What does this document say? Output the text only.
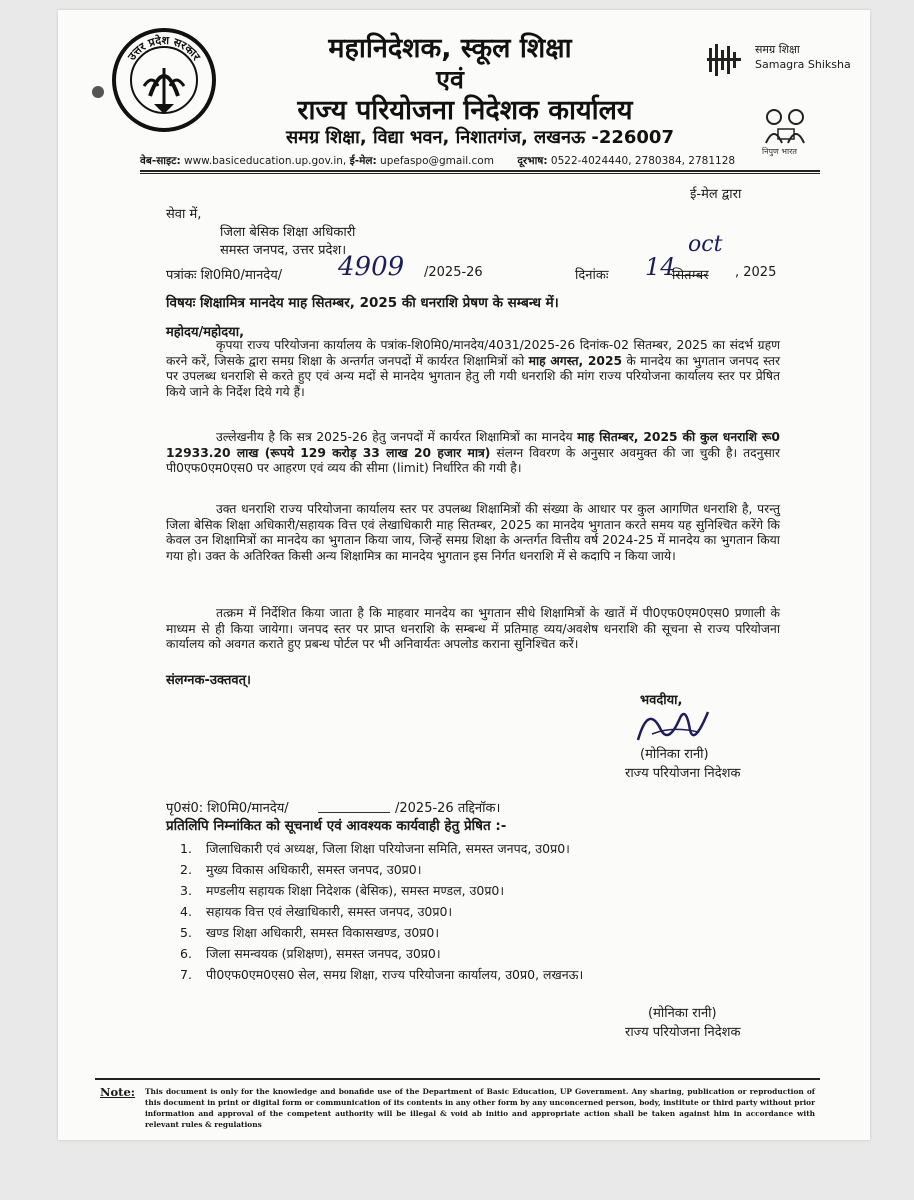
उत्तर प्रदेश सरकार	महानिदेशक, स्कूल शिक्षा
एवं
राज्य परियोजना निदेशक कार्यालय
समग्र शिक्षा, विद्या भवन, निशातगंज, लखनऊ -226007
समग्र शिक्षा
Samagra Shiksha
निपुण भारत
वेब-साइट: www.basiceducation.up.gov.in, ई-मेल: upefaspo@gmail.com दूरभाष: 0522-4024440, 2780384, 2781128
ई-मेल द्वारा
सेवा में,
जिला बेसिक शिक्षा अधिकारी
समस्त जनपद, उत्तर प्रदेश।
पत्रांकः शि0मि0/मानदेय/ 4909 /2025-26	दिनांकः 14
सितम्बर
oct
, 2025
विषयः शिक्षामित्र मानदेय माह सितम्बर, 2025 की धनराशि प्रेषण के सम्बन्ध में।
महोदय/महोदया,
कृपया राज्य परियोजना कार्यालय के पत्रांक-शि0मि0/मानदेय/4031/2025-26 दिनांक-02 सितम्बर, 2025 का संदर्भ ग्रहण करने करें, जिसके द्वारा समग्र शिक्षा के अन्तर्गत जनपदों में कार्यरत शिक्षामित्रों को माह अगस्त, 2025 के मानदेय का भुगतान जनपद स्तर पर उपलब्ध धनराशि से करते हुए एवं अन्य मदों से मानदेय भुगतान हेतु ली गयी धनराशि की मांग राज्य परियोजना कार्यालय स्तर पर प्रेषित किये जाने के निर्देश दिये गये हैं।
उल्लेखनीय है कि सत्र 2025-26 हेतु जनपदों में कार्यरत शिक्षामित्रों का मानदेय माह सितम्बर, 2025 की कुल धनराशि रू0 12933.20 लाख (रूपये 129 करोड़ 33 लाख 20 हजार मात्र) संलग्न विवरण के अनुसार अवमुक्त की जा चुकी है। तदनुसार पी0एफ0एम0एस0 पर आहरण एवं व्यय की सीमा (limit) निर्धारित की गयी है।
उक्त धनराशि राज्य परियोजना कार्यालय स्तर पर उपलब्ध शिक्षामित्रों की संख्या के आधार पर कुल आगणित धनराशि है, परन्तु जिला बेसिक शिक्षा अधिकारी/सहायक वित्त एवं लेखाधिकारी माह सितम्बर, 2025 का मानदेय भुगतान करते समय यह सुनिश्चित करेंगे कि केवल उन शिक्षामित्रों का मानदेय का भुगतान किया जाय, जिन्हें समग्र शिक्षा के अन्तर्गत वित्तीय वर्ष 2024-25 में मानदेय का भुगतान किया गया हो। उक्त के अतिरिक्त किसी अन्य शिक्षामित्र का मानदेय भुगतान इस निर्गत धनराशि में से कदापि न किया जाये।
तत्क्रम में निर्देशित किया जाता है कि माहवार मानदेय का भुगतान सीधे शिक्षामित्रों के खातें में पी0एफ0एम0एस0 प्रणाली के माध्यम से ही किया जायेगा। जनपद स्तर पर प्राप्त धनराशि के सम्बन्ध में प्रतिमाह व्यय/अवशेष धनराशि की सूचना से राज्य परियोजना कार्यालय को अवगत कराते हुए प्रबन्ध पोर्टल पर भी अनिवार्यतः अपलोड कराना सुनिश्चित करें।
संलग्नक-उक्तवत्।
भवदीया,
(मोनिका रानी)
राज्य परियोजना निदेशक
पृ0सं0: शि0मि0/मानदेय/	/2025-26 तद्दिनॉक।
प्रतिलिपि निम्नांकित को सूचनार्थ एवं आवश्यक कार्यवाही हेतु प्रेषित :-
1. जिलाधिकारी एवं अध्यक्ष, जिला शिक्षा परियोजना समिति, समस्त जनपद, उ0प्र0।
2. मुख्य विकास अधिकारी, समस्त जनपद, उ0प्र0।
3. मण्डलीय सहायक शिक्षा निदेशक (बेसिक), समस्त मण्डल, उ0प्र0।
4. सहायक वित्त एवं लेखाधिकारी, समस्त जनपद, उ0प्र0।
5. खण्ड शिक्षा अधिकारी, समस्त विकासखण्ड, उ0प्र0।
6. जिला समन्वयक (प्रशिक्षण), समस्त जनपद, उ0प्र0।
7. पी0एफ0एम0एस0 सेल, समग्र शिक्षा, राज्य परियोजना कार्यालय, उ0प्र0, लखनऊ।
(मोनिका रानी)
राज्य परियोजना निदेशक
Note: This document is only for the knowledge and bonafide use of the Department of Basic Education, UP Government. Any sharing, publication or reproduction of this document in print or digital form or communication of its contents in any other form by any unconcerned person, body, institute or third party without prior information and approval of the competent authority will be illegal & void ab initio and appropriate action shall be taken against him in accordance with relevant rules & regulations
